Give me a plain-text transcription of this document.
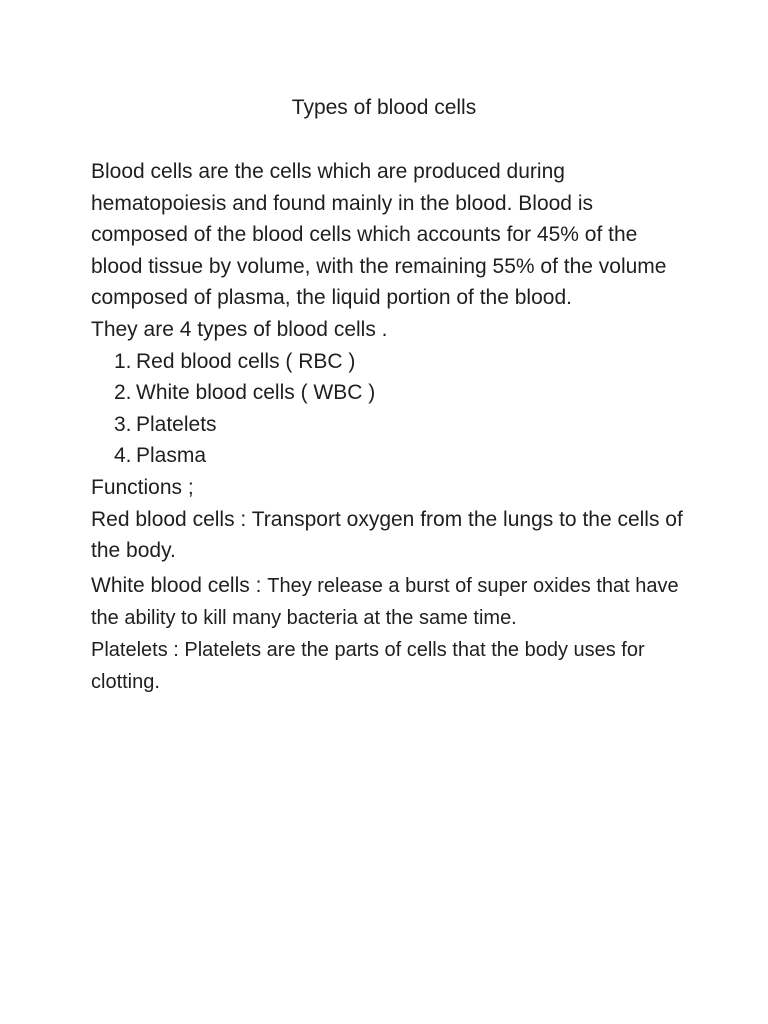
Types of blood cells

Blood cells are the cells which are produced during hematopoiesis and found mainly in the blood. Blood is composed of the blood cells which accounts for 45% of the blood tissue by volume, with the remaining 55% of the volume composed of plasma, the liquid portion of the blood.

They are 4 types of blood cells .

1. Red blood cells ( RBC )
2. White blood cells ( WBC )
3. Platelets
4. Plasma

Functions ;

Red blood cells : Transport oxygen from the lungs to the cells of the body.

White blood cells : They release a burst of super oxides that have the ability to kill many bacteria at the same time.

Platelets : Platelets are the parts of cells that the body uses for clotting.
